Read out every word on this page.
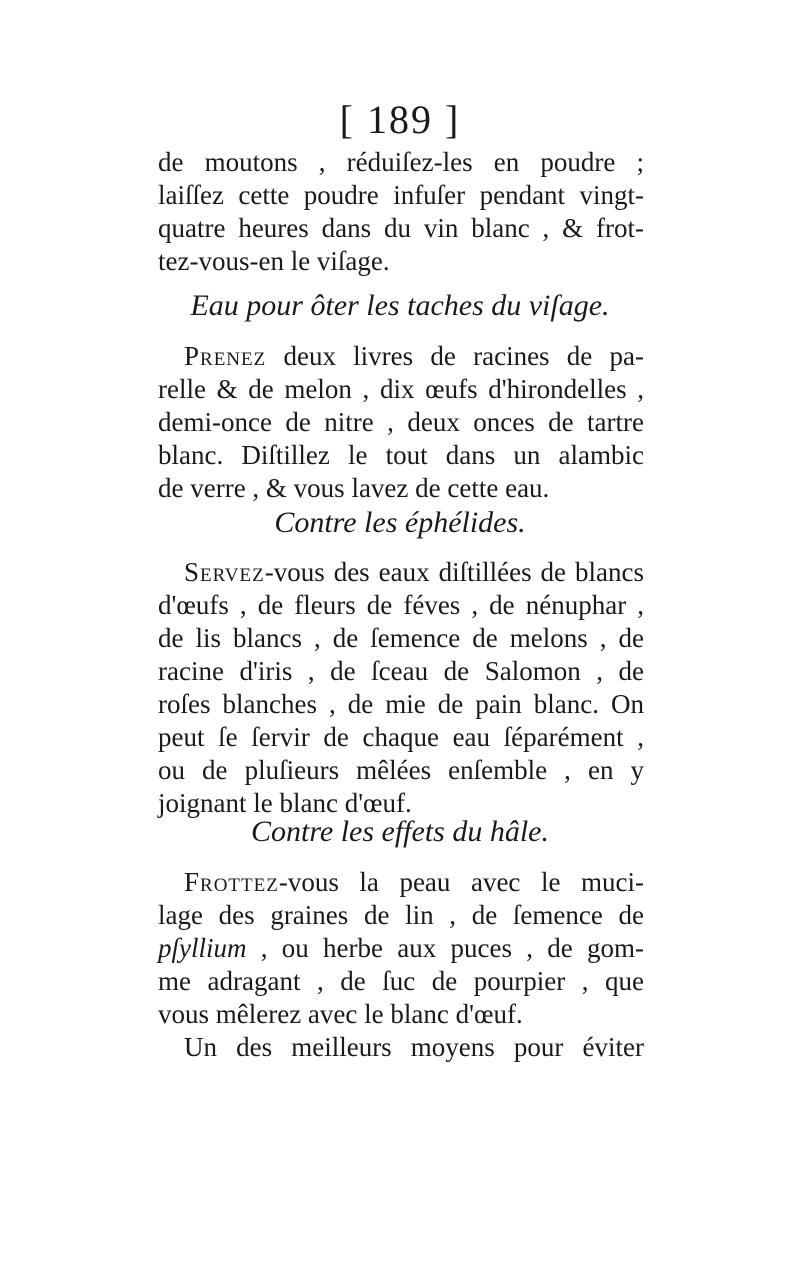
[ 189 ]
de moutons , réduiſez-les en poudre ;
laiſſez cette poudre infuſer pendant vingt-
quatre heures dans du vin blanc , & frot-
tez-vous-en le viſage.
Eau pour ôter les taches du viſage.
Prenez deux livres de racines de pa-
relle & de melon , dix œufs d'hirondelles ,
demi-once de nitre , deux onces de tartre
blanc. Diſtillez le tout dans un alambic
de verre , & vous lavez de cette eau.
Contre les éphélides.
Servez-vous des eaux diſtillées de blancs
d'œufs , de fleurs de féves , de nénuphar ,
de lis blancs , de ſemence de melons , de
racine d'iris , de ſceau de Salomon , de
roſes blanches , de mie de pain blanc. On
peut ſe ſervir de chaque eau ſéparément ,
ou de pluſieurs mêlées enſemble , en y
joignant le blanc d'œuf.
Contre les effets du hâle.
Frottez-vous la peau avec le muci-
lage des graines de lin , de ſemence de
pſyllium , ou herbe aux puces , de gom-
me adragant , de ſuc de pourpier , que
vous mêlerez avec le blanc d'œuf.
Un des meilleurs moyens pour éviter
